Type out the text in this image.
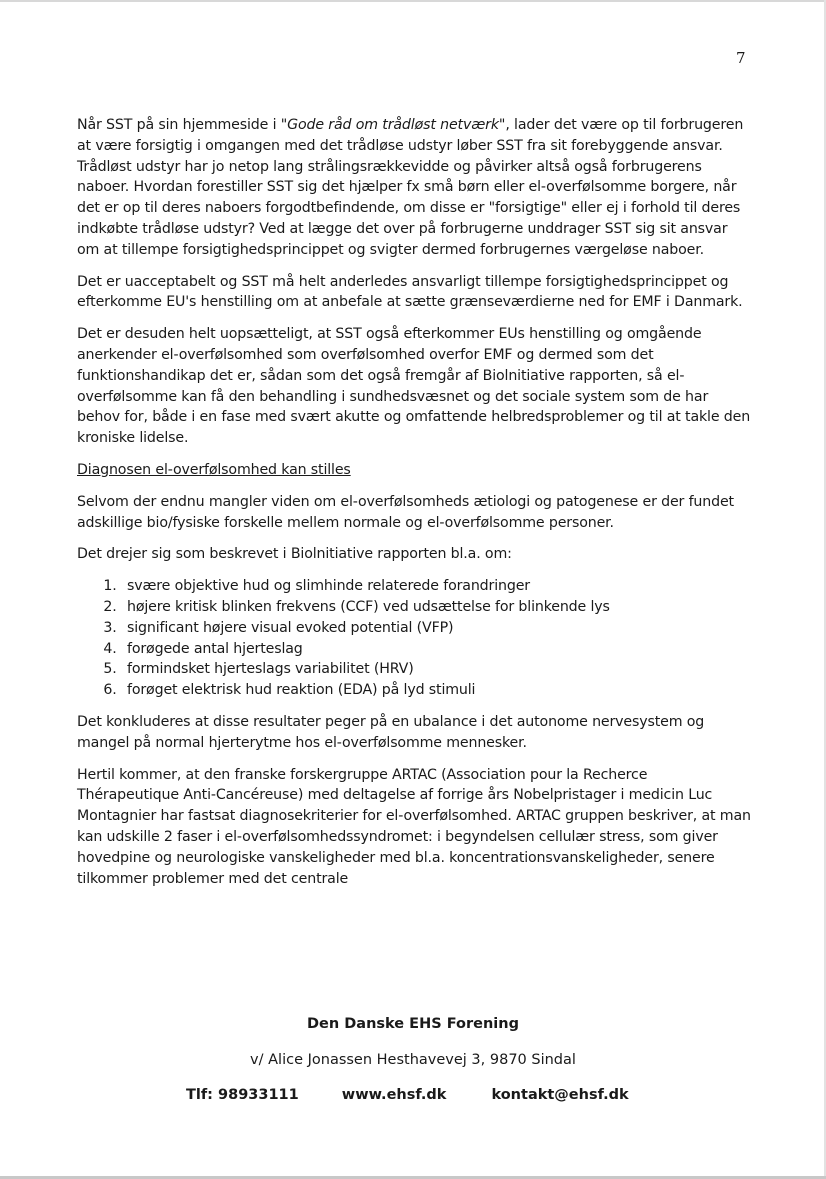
7

Når SST på sin hjemmeside i "Gode råd om trådløst netværk", lader det være op til forbrugeren at være forsigtig i omgangen med det trådløse udstyr løber SST fra sit forebyggende ansvar. Trådløst udstyr har jo netop lang strålingsrækkevidde og påvirker altså også forbrugerens naboer. Hvordan forestiller SST sig det hjælper fx små børn eller el-overfølsomme borgere, når det er op til deres naboers forgodtbefindende, om disse er "forsigtige" eller ej i forhold til deres indkøbte trådløse udstyr? Ved at lægge det over på forbrugerne unddrager SST sig sit ansvar om at tillempe forsigtighedsprincippet og svigter dermed forbrugernes værgeløse naboer.

Det er uacceptabelt og SST må helt anderledes ansvarligt tillempe forsigtighedsprincippet og efterkomme EU's henstilling om at anbefale at sætte grænseværdierne ned for EMF i Danmark.

Det er desuden helt uopsætteligt, at SST også efterkommer EUs henstilling og omgående anerkender el-overfølsomhed som overfølsomhed overfor EMF og dermed som det funktionshandikap det er, sådan som det også fremgår af Biolnitiative rapporten, så el-overfølsomme kan få den behandling i sundhedsvæsnet og det sociale system som de har behov for, både i en fase med svært akutte og omfattende helbredsproblemer og til at takle den kroniske lidelse.

Diagnosen el-overfølsomhed kan stilles

Selvom der endnu mangler viden om el-overfølsomheds ætiologi og patogenese er der fundet adskillige bio/fysiske forskelle mellem normale og el-overfølsomme personer.

Det drejer sig som beskrevet i Biolnitiative rapporten bl.a. om:

1. svære objektive hud og slimhinde relaterede forandringer
2. højere kritisk blinken frekvens (CCF) ved udsættelse for blinkende lys
3. significant højere visual evoked potential (VFP)
4. forøgede antal hjerteslag
5. formindsket hjerteslags variabilitet (HRV)
6. forøget elektrisk hud reaktion (EDA) på lyd stimuli

Det konkluderes at disse resultater peger på en ubalance i det autonome nervesystem og mangel på normal hjerterytme hos el-overfølsomme mennesker.

Hertil kommer, at den franske forskergruppe ARTAC (Association pour la Recherce Thérapeutique Anti-Cancéreuse) med deltagelse af forrige års Nobelpristager i medicin Luc Montagnier har fastsat diagnosekriterier for el-overfølsomhed. ARTAC gruppen beskriver, at man kan udskille 2 faser i el-overfølsomhedssyndromet: i begyndelsen cellulær stress, som giver hovedpine og neurologiske vanskeligheder med bl.a. koncentrationsvanskeligheder, senere tilkommer problemer med det centrale

Den Danske EHS Forening
v/ Alice Jonassen Hesthavevej 3, 9870 Sindal
Tlf: 98933111	www.ehsf.dk	kontakt@ehsf.dk
